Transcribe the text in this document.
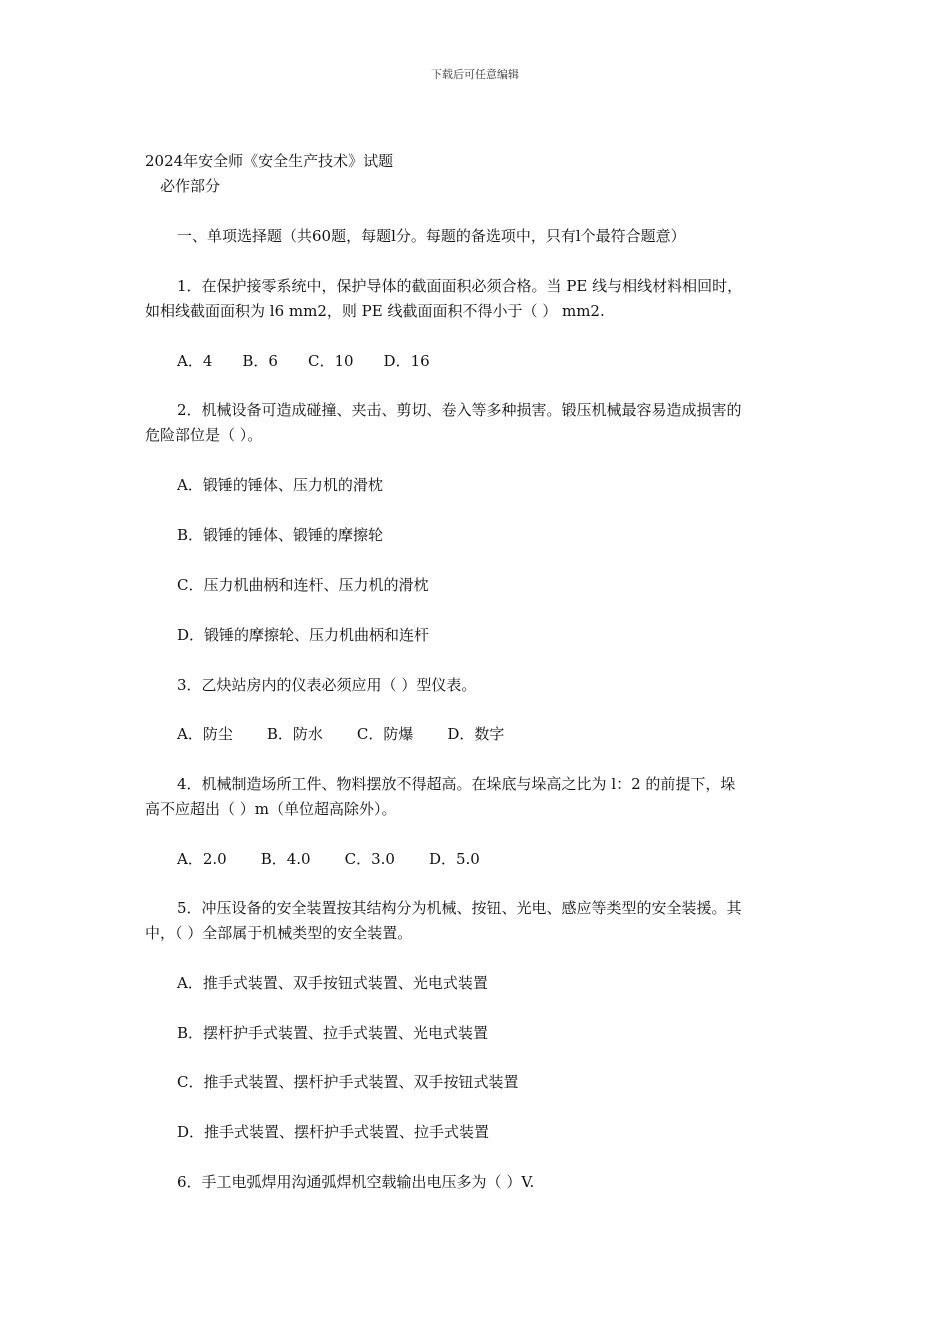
下载后可任意编辑
2024年安全师《安全生产技术》试题
必作部分
一、单项选择题（共60题，每题l分。每题的备选项中，只有l个最符合题意）
1．在保护接零系统中，保护导体的截面面积必须合格。当 PE 线与相线材料相回时，
如相线截面面积为 l6 mm2，则 PE 线截面面积不得小于（ ） mm2.
A．4 B．6 C．10 D．16
2．机械设备可造成碰撞、夹击、剪切、卷入等多种损害。锻压机械最容易造成损害的
危险部位是（ ）。
A．锻锤的锤体、压力机的滑枕
B．锻锤的锤体、锻锤的摩擦轮
C．压力机曲柄和连杆、压力机的滑枕
D．锻锤的摩擦轮、压力机曲柄和连杆
3．乙炔站房内的仪表必须应用（ ）型仪表。
A．防尘 B．防水 C．防爆 D．数字
4．机械制造场所工件、物料摆放不得超高。在垛底与垛高之比为 l：2 的前提下，垛
高不应超出（ ）m（单位超高除外）。
A．2.0 B．4.0 C．3.0 D．5.0
5．冲压设备的安全装置按其结构分为机械、按钮、光电、感应等类型的安全装援。其
中，（ ）全部属于机械类型的安全装置。
A．推手式装置、双手按钮式装置、光电式装置
B．摆杆护手式装置、拉手式装置、光电式装置
C．推手式装置、摆杆护手式装置、双手按钮式装置
D．推手式装置、摆杆护手式装置、拉手式装置
6．手工电弧焊用沟通弧焊机空载输出电压多为（ ）V.
